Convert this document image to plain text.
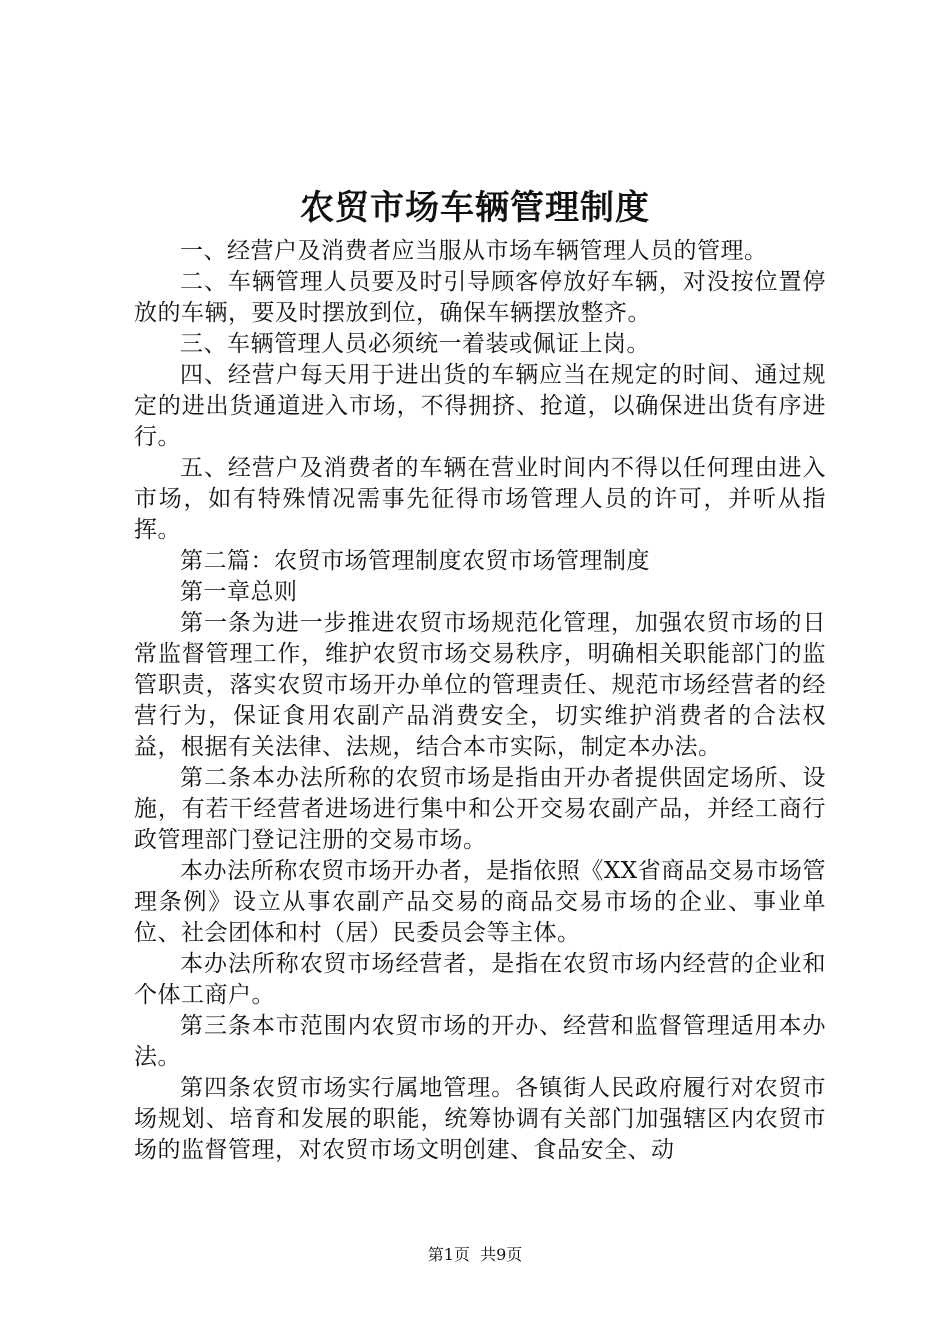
农贸市场车辆管理制度

一、经营户及消费者应当服从市场车辆管理人员的管理。

二、车辆管理人员要及时引导顾客停放好车辆，对没按位置停放的车辆，要及时摆放到位，确保车辆摆放整齐。

三、车辆管理人员必须统一着装或佩证上岗。

四、经营户每天用于进出货的车辆应当在规定的时间、通过规定的进出货通道进入市场，不得拥挤、抢道，以确保进出货有序进行。

五、经营户及消费者的车辆在营业时间内不得以任何理由进入市场，如有特殊情况需事先征得市场管理人员的许可，并听从指挥。

第二篇：农贸市场管理制度农贸市场管理制度

第一章总则

第一条为进一步推进农贸市场规范化管理，加强农贸市场的日常监督管理工作，维护农贸市场交易秩序，明确相关职能部门的监管职责，落实农贸市场开办单位的管理责任、规范市场经营者的经营行为，保证食用农副产品消费安全，切实维护消费者的合法权益，根据有关法律、法规，结合本市实际，制定本办法。

第二条本办法所称的农贸市场是指由开办者提供固定场所、设施，有若干经营者进场进行集中和公开交易农副产品，并经工商行政管理部门登记注册的交易市场。

本办法所称农贸市场开办者，是指依照《XX省商品交易市场管理条例》设立从事农副产品交易的商品交易市场的企业、事业单位、社会团体和村（居）民委员会等主体。

本办法所称农贸市场经营者，是指在农贸市场内经营的企业和个体工商户。

第三条本市范围内农贸市场的开办、经营和监督管理适用本办法。

第四条农贸市场实行属地管理。各镇街人民政府履行对农贸市场规划、培育和发展的职能，统筹协调有关部门加强辖区内农贸市场的监督管理，对农贸市场文明创建、食品安全、动

第1页 共9页
